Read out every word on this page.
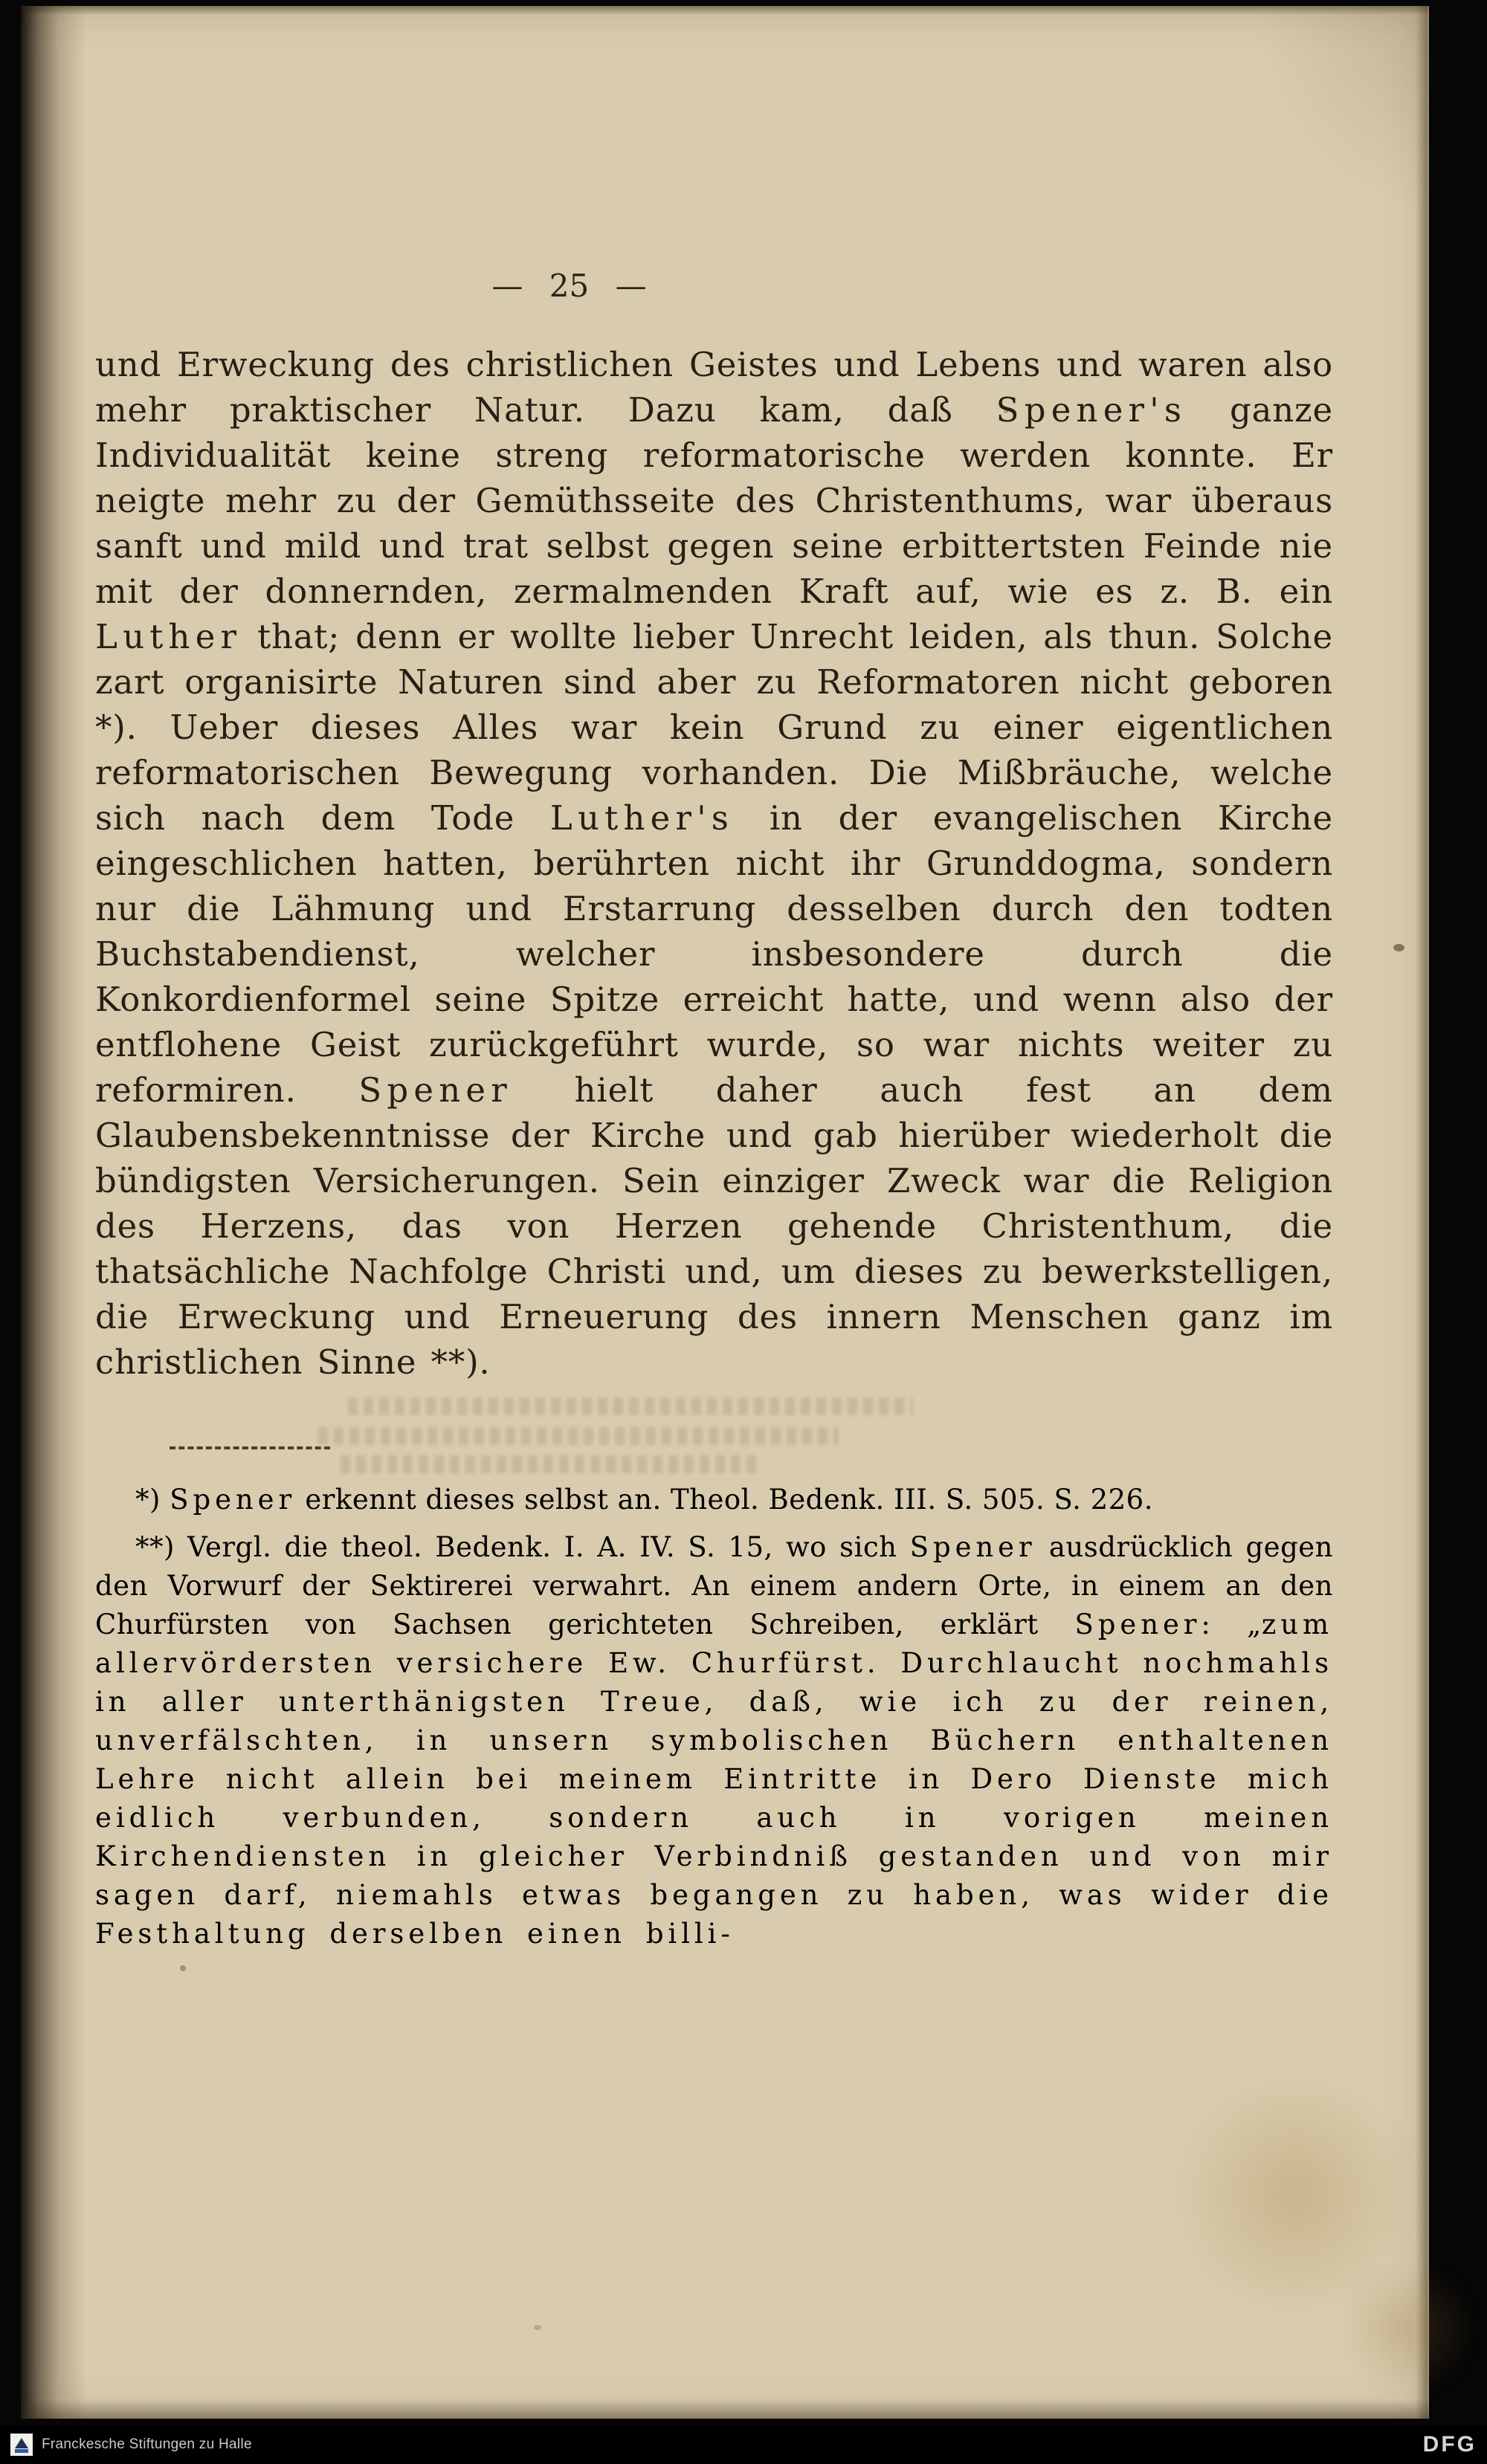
— 25 —

und Erweckung des christlichen Geistes und Lebens und waren also mehr praktischer Natur. Dazu kam, daß Spener's ganze Individualität keine streng reformatorische werden konnte. Er neigte mehr zu der Gemüthsseite des Christenthums, war überaus sanft und mild und trat selbst gegen seine erbittertsten Feinde nie mit der donnernden, zermalmenden Kraft auf, wie es z. B. ein Luther that; denn er wollte lieber Unrecht leiden, als thun. Solche zart organisirte Naturen sind aber zu Reformatoren nicht geboren *). Ueber dieses Alles war kein Grund zu einer eigentlichen reformatorischen Bewegung vorhanden. Die Mißbräuche, welche sich nach dem Tode Luther's in der evangelischen Kirche eingeschlichen hatten, berührten nicht ihr Grunddogma, sondern nur die Lähmung und Erstarrung desselben durch den todten Buchstabendienst, welcher insbesondere durch die Konkordienformel seine Spitze erreicht hatte, und wenn also der entflohene Geist zurückgeführt wurde, so war nichts weiter zu reformiren. Spener hielt daher auch fest an dem Glaubensbekenntnisse der Kirche und gab hierüber wiederholt die bündigsten Versicherungen. Sein einziger Zweck war die Religion des Herzens, das von Herzen gehende Christenthum, die thatsächliche Nachfolge Christi und, um dieses zu bewerkstelligen, die Erweckung und Erneuerung des innern Menschen ganz im christlichen Sinne **).

*) Spener erkennt dieses selbst an. Theol. Bedenk. III. S. 505. S. 226.

**) Vergl. die theol. Bedenk. I. A. IV. S. 15, wo sich Spener ausdrücklich gegen den Vorwurf der Sektirerei verwahrt. An einem andern Orte, in einem an den Churfürsten von Sachsen gerichteten Schreiben, erklärt Spener: „zum allervördersten versichere Ew. Churfürst. Durchlaucht nochmahls in aller unterthänigsten Treue, daß, wie ich zu der reinen, unverfälschten, in unsern symbolischen Büchern enthaltenen Lehre nicht allein bei meinem Eintritte in Dero Dienste mich eidlich verbunden, sondern auch in vorigen meinen Kirchendiensten in gleicher Verbindniß gestanden und von mir sagen darf, niemahls etwas begangen zu haben, was wider die Festhaltung derselben einen billi-

Franckesche Stiftungen zu Halle	DFG
